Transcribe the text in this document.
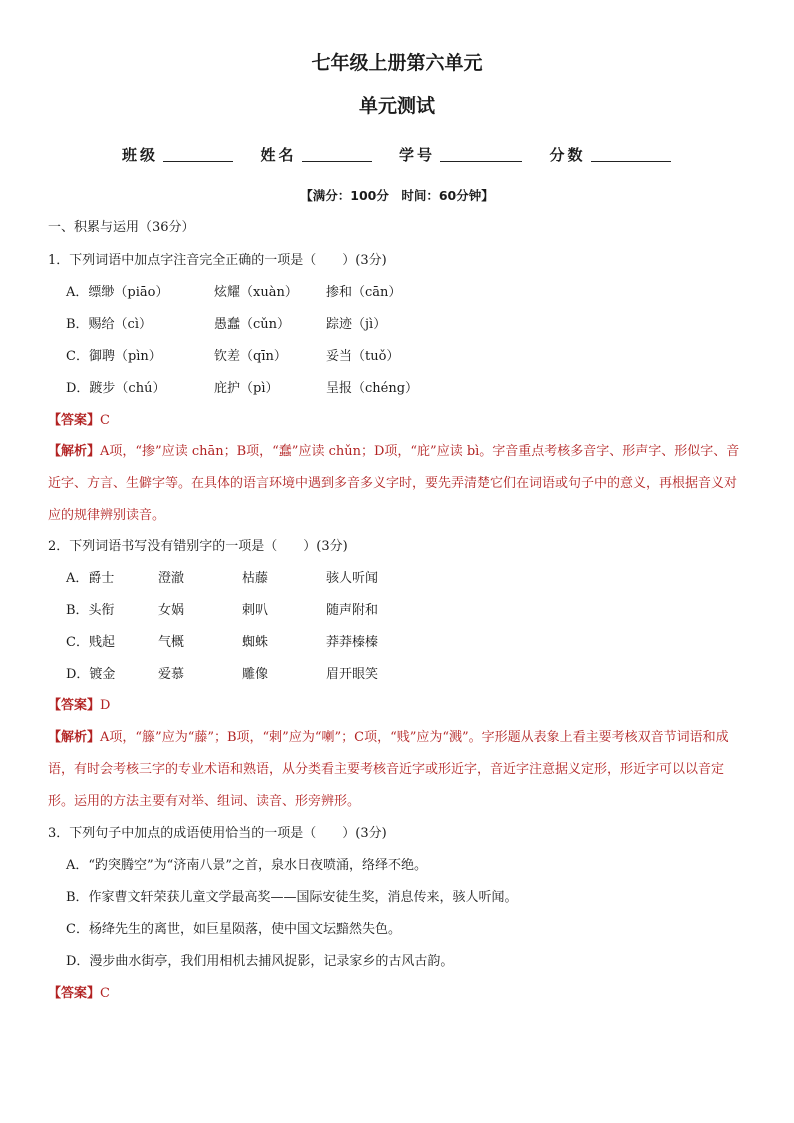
七年级上册第六单元
单元测试
班级	姓名	学号	分数
【满分：100分　时间：60分钟】
一、积累与运用（36分）
1．下列词语中加点字注音完全正确的一项是（　　）(3分)
A．缥缈（piāo）	炫耀（xuàn） 掺和（cān）
B．赐给（cì）	愚蠢（cǔn）	踪迹（jì）
C．御聘（pìn）	钦差（qīn）	妥当（tuǒ）
D．踱步（chú）	庇护（pì）	呈报（chéng）
【答案】C
【解析】A项，“掺”应读 chān；B项，“蠢”应读 chǔn；D项，“庇”应读 bì。字音重点考核多音字、形声字、形似字、音近字、方言、生僻字等。在具体的语言环境中遇到多音多义字时，要先弄清楚它们在词语或句子中的意义，再根据音义对应的规律辨别读音。
2．下列词语书写没有错别字的一项是（　　）(3分)
A．爵士	澄澈	枯藤	骇人听闻
B．头衔	女娲	剌叭	随声附和
C．贱起	气概	蜘蛛	莽莽榛榛
D．镀金	爱慕	雕像	眉开眼笑
【答案】D
【解析】A项，“籐”应为“藤”；B项，“剌”应为“喇”；C项，“贱”应为“溅”。字形题从表象上看主要考核双音节词语和成语，有时会考核三字的专业术语和熟语，从分类看主要考核音近字或形近字，音近字注意据义定形，形近字可以以音定形。运用的方法主要有对举、组词、读音、形旁辨形。
3．下列句子中加点的成语使用恰当的一项是（　　）(3分)
A．“趵突腾空”为“济南八景”之首，泉水日夜喷涌，络绎不绝。
B．作家曹文轩荣获儿童文学最高奖——国际安徒生奖，消息传来，骇人听闻。
C．杨绛先生的离世，如巨星陨落，使中国文坛黯然失色。
D．漫步曲水街亭，我们用相机去捕风捉影，记录家乡的古风古韵。
【答案】C
